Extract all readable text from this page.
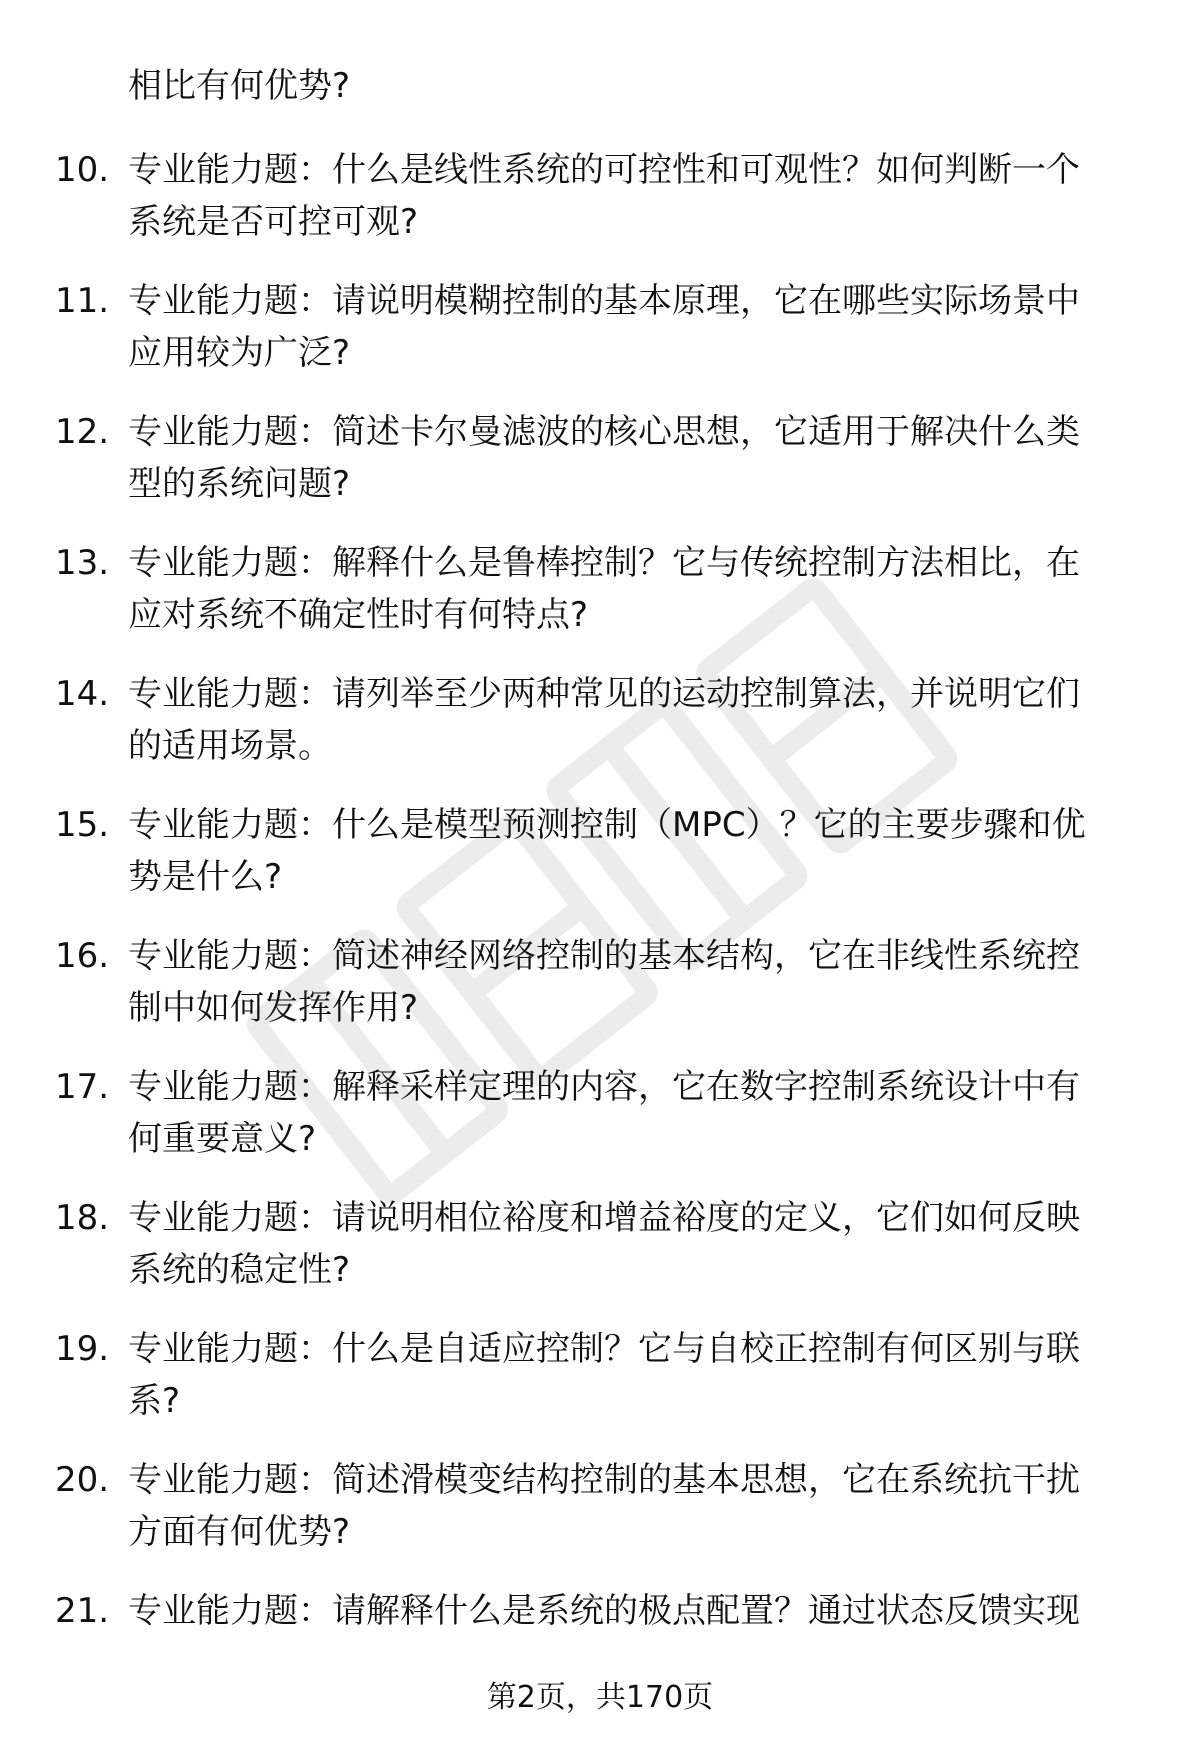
相比有何优势?
10. 专业能力题：什么是线性系统的可控性和可观性？如何判断一个
系统是否可控可观?
11. 专业能力题：请说明模糊控制的基本原理，它在哪些实际场景中
应用较为广泛?
12. 专业能力题：简述卡尔曼滤波的核心思想，它适用于解决什么类
型的系统问题?
13. 专业能力题：解释什么是鲁棒控制？它与传统控制方法相比，在
应对系统不确定性时有何特点?
14. 专业能力题：请列举至少两种常见的运动控制算法，并说明它们
的适用场景。
15. 专业能力题：什么是模型预测控制（MPC）？它的主要步骤和优
势是什么?
16. 专业能力题：简述神经网络控制的基本结构，它在非线性系统控
制中如何发挥作用?
17. 专业能力题：解释采样定理的内容，它在数字控制系统设计中有
何重要意义?
18. 专业能力题：请说明相位裕度和增益裕度的定义，它们如何反映
系统的稳定性?
19. 专业能力题：什么是自适应控制？它与自校正控制有何区别与联
系?
20. 专业能力题：简述滑模变结构控制的基本思想，它在系统抗干扰
方面有何优势?
21. 专业能力题：请解释什么是系统的极点配置？通过状态反馈实现
第2页，共170页
